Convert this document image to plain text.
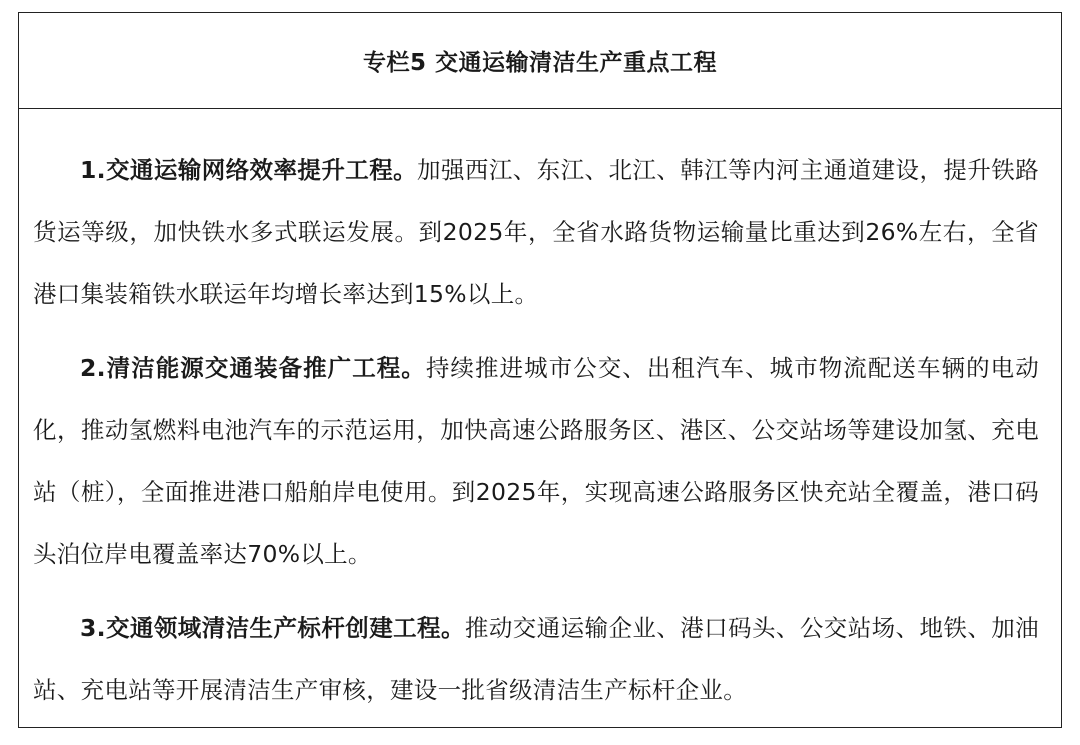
专栏5 交通运输清洁生产重点工程

1.交通运输网络效率提升工程。加强西江、东江、北江、韩江等内河主通道建设，提升铁路货运等级，加快铁水多式联运发展。到2025年，全省水路货物运输量比重达到26%左右，全省港口集装箱铁水联运年均增长率达到15%以上。

2.清洁能源交通装备推广工程。持续推进城市公交、出租汽车、城市物流配送车辆的电动化，推动氢燃料电池汽车的示范运用，加快高速公路服务区、港区、公交站场等建设加氢、充电站（桩），全面推进港口船舶岸电使用。到2025年，实现高速公路服务区快充站全覆盖，港口码头泊位岸电覆盖率达70%以上。

3.交通领域清洁生产标杆创建工程。推动交通运输企业、港口码头、公交站场、地铁、加油站、充电站等开展清洁生产审核，建设一批省级清洁生产标杆企业。
